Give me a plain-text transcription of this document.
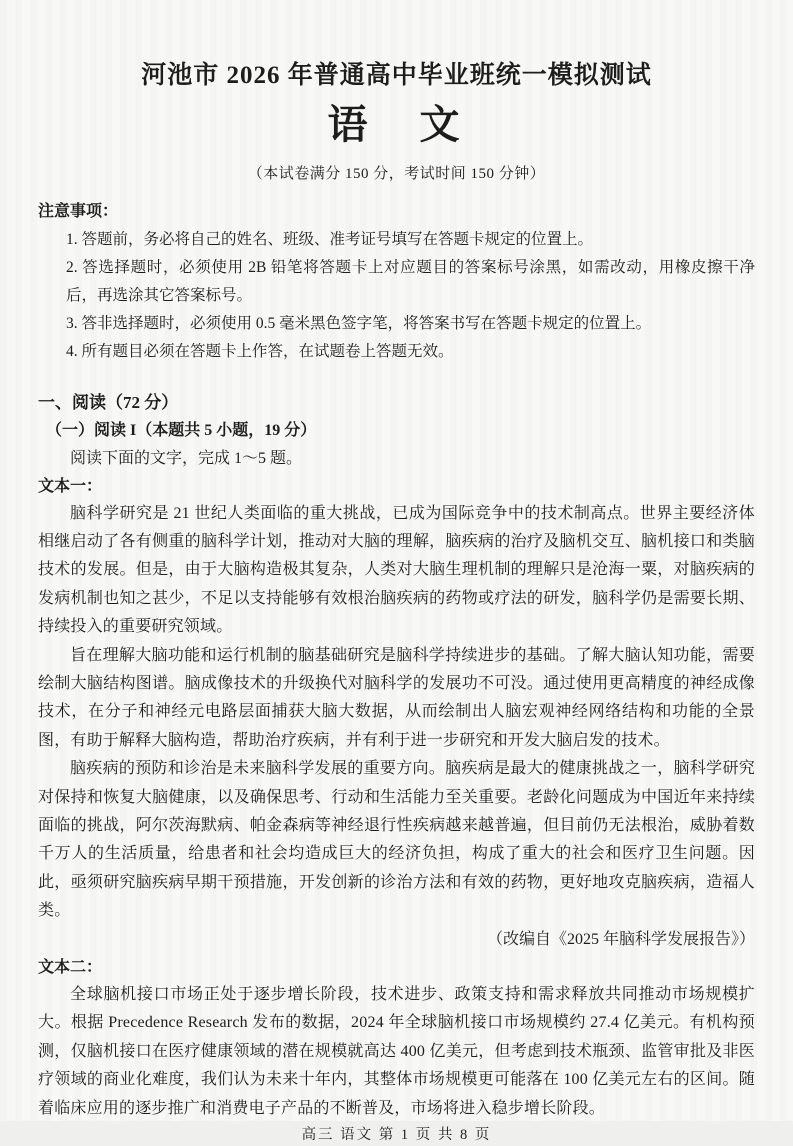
河池市 2026 年普通高中毕业班统一模拟测试
语　文
（本试卷满分 150 分，考试时间 150 分钟）
注意事项：

1. 答题前，务必将自己的姓名、班级、准考证号填写在答题卡规定的位置上。

2. 答选择题时，必须使用 2B 铅笔将答题卡上对应题目的答案标号涂黑，如需改动，用橡皮擦干净后，再选涂其它答案标号。

3. 答非选择题时，必须使用 0.5 毫米黑色签字笔，将答案书写在答题卡规定的位置上。

4. 所有题目必须在答题卡上作答，在试题卷上答题无效。

一、阅读（72 分）
（一）阅读 I（本题共 5 小题，19 分）
阅读下面的文字，完成 1～5 题。
文本一：

脑科学研究是 21 世纪人类面临的重大挑战，已成为国际竞争中的技术制高点。世界主要经济体相继启动了各有侧重的脑科学计划，推动对大脑的理解，脑疾病的治疗及脑机交互、脑机接口和类脑技术的发展。但是，由于大脑构造极其复杂，人类对大脑生理机制的理解只是沧海一粟，对脑疾病的发病机制也知之甚少，不足以支持能够有效根治脑疾病的药物或疗法的研发，脑科学仍是需要长期、持续投入的重要研究领域。

旨在理解大脑功能和运行机制的脑基础研究是脑科学持续进步的基础。了解大脑认知功能，需要绘制大脑结构图谱。脑成像技术的升级换代对脑科学的发展功不可没。通过使用更高精度的神经成像技术，在分子和神经元电路层面捕获大脑大数据，从而绘制出人脑宏观神经网络结构和功能的全景图，有助于解释大脑构造，帮助治疗疾病，并有利于进一步研究和开发大脑启发的技术。

脑疾病的预防和诊治是未来脑科学发展的重要方向。脑疾病是最大的健康挑战之一，脑科学研究对保持和恢复大脑健康，以及确保思考、行动和生活能力至关重要。老龄化问题成为中国近年来持续面临的挑战，阿尔茨海默病、帕金森病等神经退行性疾病越来越普遍，但目前仍无法根治，威胁着数千万人的生活质量，给患者和社会均造成巨大的经济负担，构成了重大的社会和医疗卫生问题。因此，亟须研究脑疾病早期干预措施，开发创新的诊治方法和有效的药物，更好地攻克脑疾病，造福人类。

（改编自《2025 年脑科学发展报告》）
文本二：

全球脑机接口市场正处于逐步增长阶段，技术进步、政策支持和需求释放共同推动市场规模扩大。根据 Precedence Research 发布的数据，2024 年全球脑机接口市场规模约 27.4 亿美元。有机构预测，仅脑机接口在医疗健康领域的潜在规模就高达 400 亿美元，但考虑到技术瓶颈、监管审批及非医疗领域的商业化难度，我们认为未来十年内，其整体市场规模更可能落在 100 亿美元左右的区间。随着临床应用的逐步推广和消费电子产品的不断普及，市场将进入稳步增长阶段。

高三 语文 第 1 页 共 8 页
